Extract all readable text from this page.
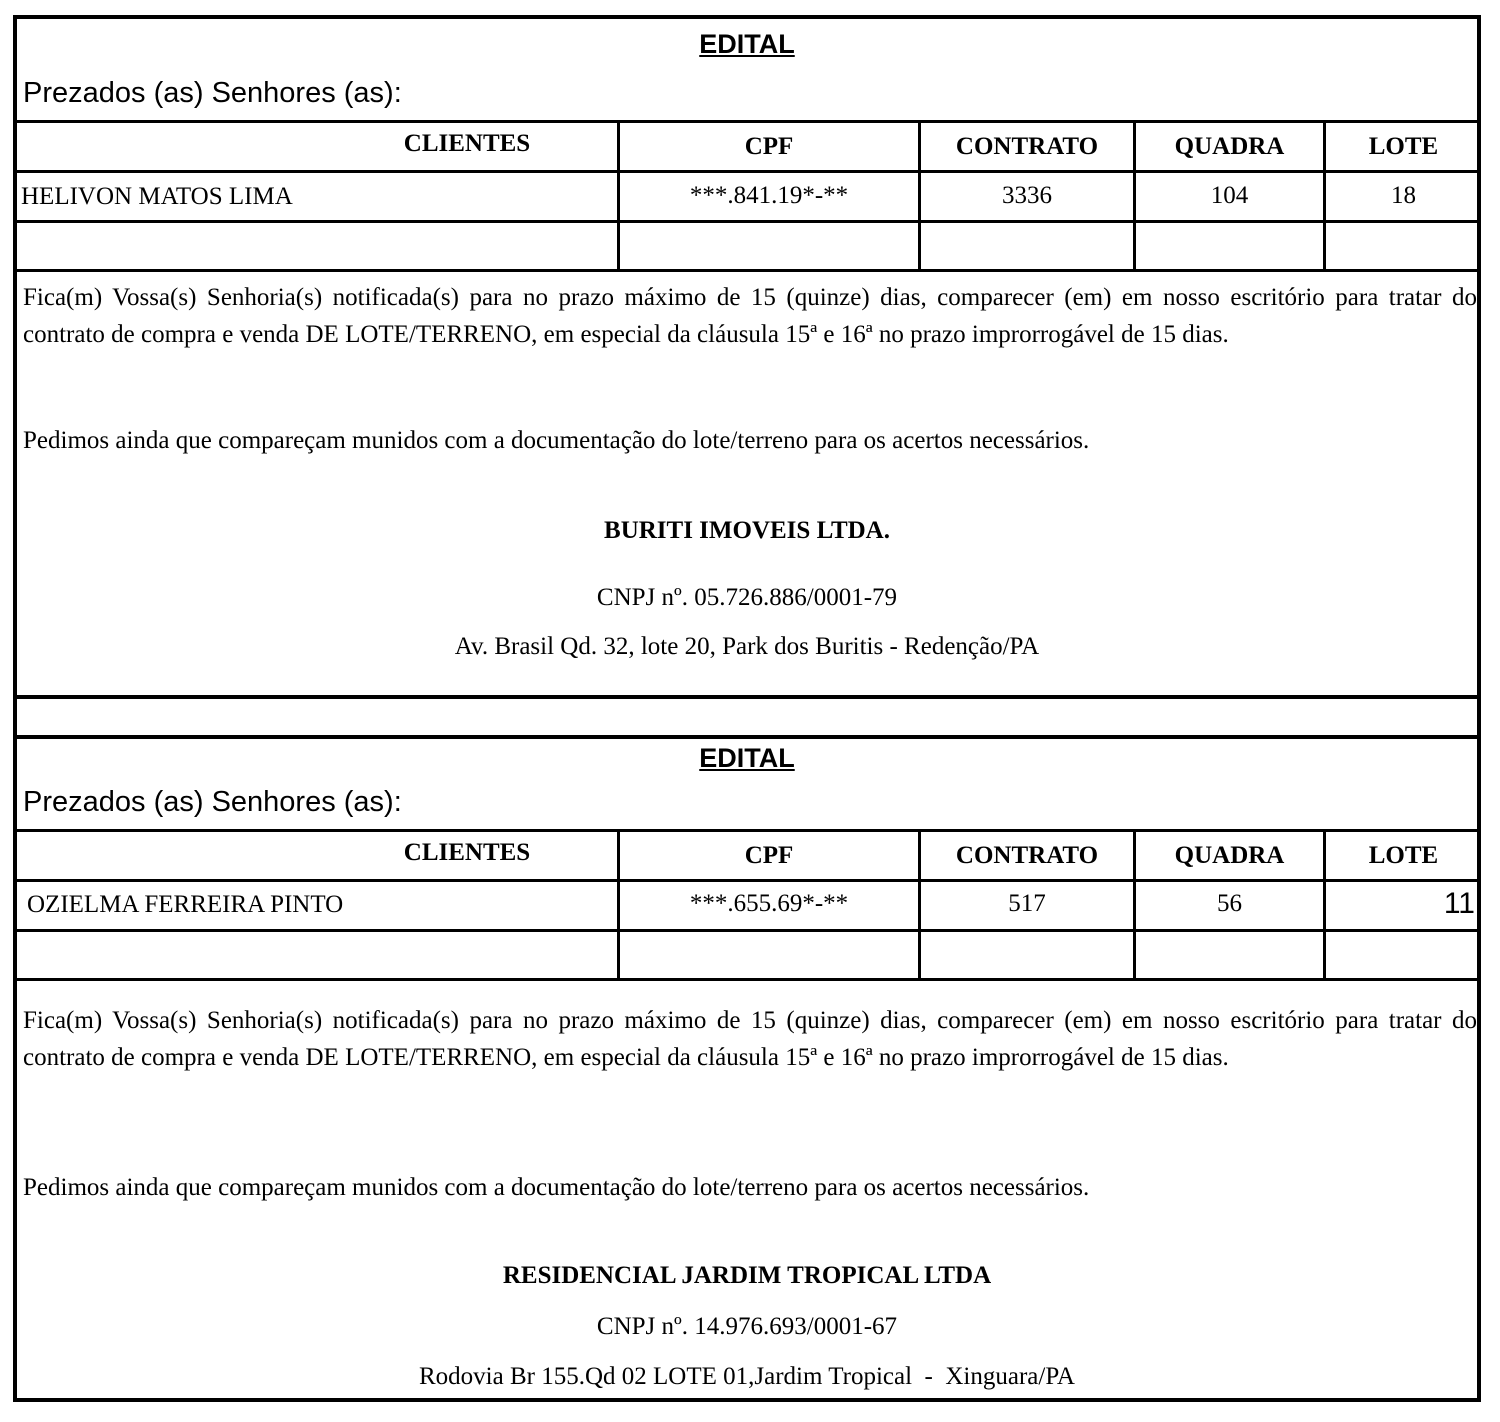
EDITAL
Prezados (as) Senhores (as):
CLIENTES	CPF	CONTRATO	QUADRA	LOTE
HELIVON MATOS LIMA	***.841.19*-**	3336	104	18
Fica(m) Vossa(s) Senhoria(s) notificada(s) para no prazo máximo de 15 (quinze) dias, comparecer (em) em nosso escritório para tratar do contrato de compra e venda DE LOTE/TERRENO, em especial da cláusula 15ª e 16ª no prazo improrrogável de 15 dias.
Pedimos ainda que compareçam munidos com a documentação do lote/terreno para os acertos necessários.
BURITI IMOVEIS LTDA.
CNPJ nº. 05.726.886/0001-79
Av. Brasil Qd. 32, lote 20, Park dos Buritis - Redenção/PA
EDITAL
Prezados (as) Senhores (as):
CLIENTES	CPF	CONTRATO	QUADRA	LOTE
OZIELMA FERREIRA PINTO	***.655.69*-**	517	56	11
Fica(m) Vossa(s) Senhoria(s) notificada(s) para no prazo máximo de 15 (quinze) dias, comparecer (em) em nosso escritório para tratar do contrato de compra e venda DE LOTE/TERRENO, em especial da cláusula 15ª e 16ª no prazo improrrogável de 15 dias.
Pedimos ainda que compareçam munidos com a documentação do lote/terreno para os acertos necessários.
RESIDENCIAL JARDIM TROPICAL LTDA
CNPJ nº. 14.976.693/0001-67
Rodovia Br 155.Qd 02 LOTE 01,Jardim Tropical  -  Xinguara/PA
